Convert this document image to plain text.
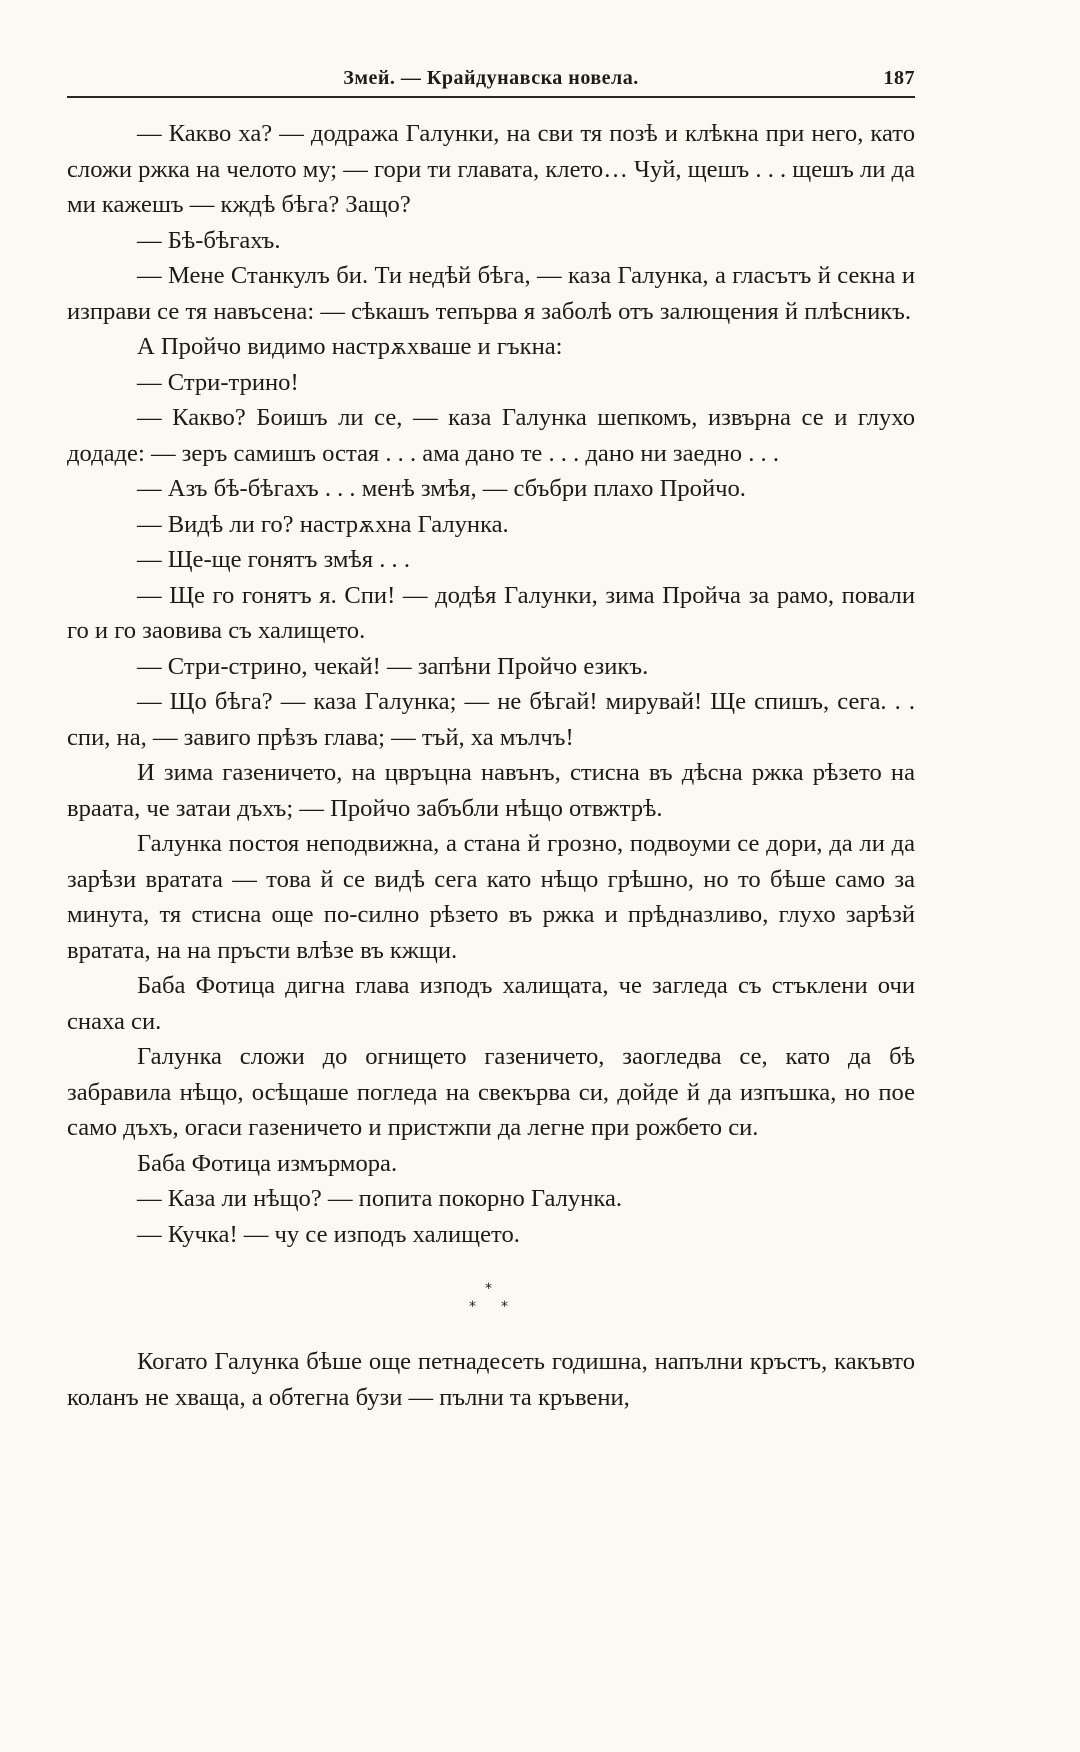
Змей. — Крайдунавска новела.	187

— Какво ха? — додража Галунки, на сви тя позѣ и клѣкна при него, като сложи ржка на челото му; — гори ти главата, клето… Чуй, щешъ . . . щешъ ли да ми кажешъ — кждѣ бѣга? Защо?

— Бѣ-бѣгахъ.

— Мене Станкулъ би. Ти недѣй бѣга, — каза Галунка, а гласътъ й секна и изправи се тя навъсена: — сѣкашъ тепърва я заболѣ отъ залющения й плѣсникъ.

А Пройчо видимо настрѫхваше и гъкна:

— Стри-трино!

— Какво? Боишъ ли се, — каза Галунка шепкомъ, извърна се и глухо додаде: — зеръ самишъ остая . . . ама дано те . . . дано ни заедно . . .

— Азъ бѣ-бѣгахъ . . . менѣ змѣя, — сбъбри плахо Пройчо.

— Видѣ ли го? настрѫхна Галунка.

— Ще-ще гонятъ змѣя . . .

— Ще го гонятъ я. Спи! — додѣя Галунки, зима Пройча за рамо, повали го и го заовива съ халището.

— Стри-стрино, чекай! — запѣни Пройчо езикъ.

— Що бѣга? — каза Галунка; — не бѣгай! мирувай! Ще спишъ, сега. . . спи, на, — завиго прѣзъ глава; — тъй, ха мълчъ!

И зима газеничето, на цвръцна навънъ, стисна въ дѣсна ржка рѣзето на враата, че затаи дъхъ; — Пройчо забъбли нѣщо отвжтрѣ.

Галунка постоя неподвижна, а стана й грозно, подвоуми се дори, да ли да зарѣзи вратата — това й се видѣ сега като нѣщо грѣшно, но то бѣше само за минута, тя стисна още по-силно рѣзето въ ржка и прѣдназливо, глухо зарѣзй вратата, на на пръсти влѣзе въ кжщи.

Баба Фотица дигна глава изподъ халищата, че загледа съ стъклени очи снаха си.

Галунка сложи до огнището газеничето, заогледва се, като да бѣ забравила нѣщо, осѣщаше погледа на свекърва си, дойде й да изпъшка, но пое само дъхъ, огаси газеничето и пристжпи да легне при рожбето си.

Баба Фотица измърмора.

— Каза ли нѣщо? — попита покорно Галунка.

— Кучка! — чу се изподъ халището.

*
* *

Когато Галунка бѣше още петнадесеть годишна, напълни кръстъ, какъвто коланъ не хваща, а обтегна бузи — пълни та кръвени,
